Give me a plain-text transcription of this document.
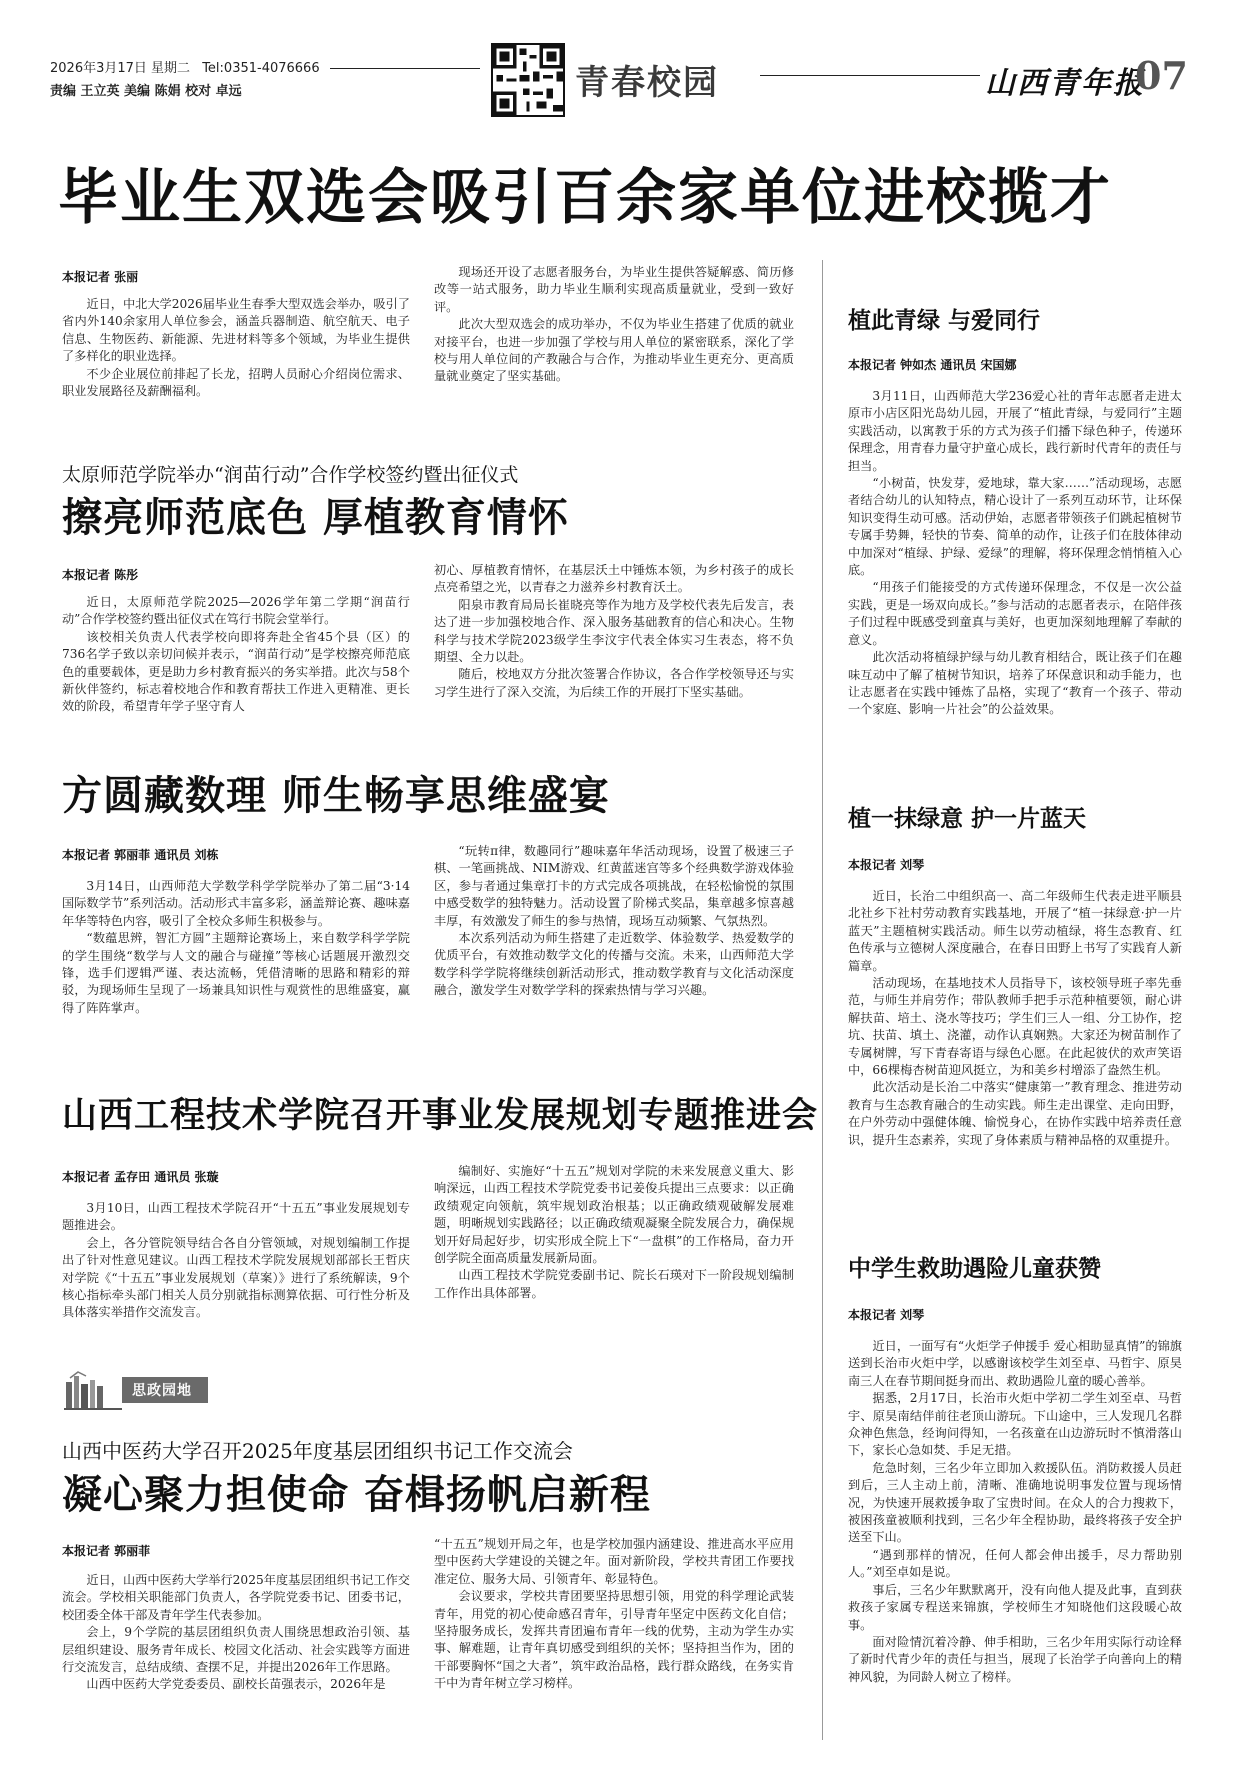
2026年3月17日 星期二 Tel:0351-4076666
责编 王立英 美编 陈娟 校对 卓远	青春校园	山西青年报
07
毕业生双选会吸引百余家单位进校揽才
本报记者 张丽

近日，中北大学2026届毕业生春季大型双选会举办，吸引了省内外140余家用人单位参会，涵盖兵器制造、航空航天、电子信息、生物医药、新能源、先进材料等多个领域，为毕业生提供了多样化的职业选择。

不少企业展位前排起了长龙，招聘人员耐心介绍岗位需求、职业发展路径及薪酬福利。

现场还开设了志愿者服务台，为毕业生提供答疑解惑、简历修改等一站式服务，助力毕业生顺利实现高质量就业，受到一致好评。

此次大型双选会的成功举办，不仅为毕业生搭建了优质的就业对接平台，也进一步加强了学校与用人单位的紧密联系，深化了学校与用人单位间的产教融合与合作，为推动毕业生更充分、更高质量就业奠定了坚实基础。

太原师范学院举办“润苗行动”合作学校签约暨出征仪式
擦亮师范底色 厚植教育情怀
本报记者 陈彤

近日，太原师范学院2025—2026学年第二学期“润苗行动”合作学校签约暨出征仪式在笃行书院会堂举行。

该校相关负责人代表学校向即将奔赴全省45个县（区）的736名学子致以亲切问候并表示，“润苗行动”是学校擦亮师范底色的重要载体，更是助力乡村教育振兴的务实举措。此次与58个新伙伴签约，标志着校地合作和教育帮扶工作进入更精准、更长效的阶段，希望青年学子坚守育人

初心、厚植教育情怀，在基层沃土中锤炼本领，为乡村孩子的成长点亮希望之光，以青春之力滋养乡村教育沃土。

阳泉市教育局局长崔晓亮等作为地方及学校代表先后发言，表达了进一步加强校地合作、深入服务基础教育的信心和决心。生物科学与技术学院2023级学生李汶宇代表全体实习生表态，将不负期望、全力以赴。

随后，校地双方分批次签署合作协议，各合作学校领导还与实习学生进行了深入交流，为后续工作的开展打下坚实基础。

方圆藏数理 师生畅享思维盛宴
本报记者 郭丽菲 通讯员 刘栋

3月14日，山西师范大学数学科学学院举办了第二届“3·14国际数学节”系列活动。活动形式丰富多彩，涵盖辩论赛、趣味嘉年华等特色内容，吸引了全校众多师生积极参与。

“数蕴思辨，智汇方圆”主题辩论赛场上，来自数学科学学院的学生围绕“数学与人文的融合与碰撞”等核心话题展开激烈交锋，选手们逻辑严谨、表达流畅，凭借清晰的思路和精彩的辩驳，为现场师生呈现了一场兼具知识性与观赏性的思维盛宴，赢得了阵阵掌声。

“玩转π律，数趣同行”趣味嘉年华活动现场，设置了极速三子棋、一笔画挑战、NIM游戏、红黄蓝迷宫等多个经典数学游戏体验区，参与者通过集章打卡的方式完成各项挑战，在轻松愉悦的氛围中感受数学的独特魅力。活动设置了阶梯式奖品，集章越多惊喜越丰厚，有效激发了师生的参与热情，现场互动频繁、气氛热烈。

本次系列活动为师生搭建了走近数学、体验数学、热爱数学的优质平台，有效推动数学文化的传播与交流。未来，山西师范大学数学科学学院将继续创新活动形式，推动数学教育与文化活动深度融合，激发学生对数学学科的探索热情与学习兴趣。

山西工程技术学院召开事业发展规划专题推进会
本报记者 孟存田 通讯员 张璇

3月10日，山西工程技术学院召开“十五五”事业发展规划专题推进会。

会上，各分管院领导结合各自分管领域，对规划编制工作提出了针对性意见建议。山西工程技术学院发展规划部部长王哲庆对学院《“十五五”事业发展规划（草案）》进行了系统解读，9个核心指标牵头部门相关人员分别就指标测算依据、可行性分析及具体落实举措作交流发言。

编制好、实施好“十五五”规划对学院的未来发展意义重大、影响深远，山西工程技术学院党委书记姜俊兵提出三点要求：以正确政绩观定向领航，筑牢规划政治根基；以正确政绩观破解发展难题，明晰规划实践路径；以正确政绩观凝聚全院发展合力，确保规划开好局起好步，切实形成全院上下“一盘棋”的工作格局，奋力开创学院全面高质量发展新局面。

山西工程技术学院党委副书记、院长石瑛对下一阶段规划编制工作作出具体部署。

思政园地
山西中医药大学召开2025年度基层团组织书记工作交流会
凝心聚力担使命 奋楫扬帆启新程
本报记者 郭丽菲

近日，山西中医药大学举行2025年度基层团组织书记工作交流会。学校相关职能部门负责人，各学院党委书记、团委书记，校团委全体干部及青年学生代表参加。

会上，9个学院的基层团组织负责人围绕思想政治引领、基层组织建设、服务青年成长、校园文化活动、社会实践等方面进行交流发言，总结成绩、查摆不足，并提出2026年工作思路。

山西中医药大学党委委员、副校长苗强表示，2026年是

“十五五”规划开局之年，也是学校加强内涵建设、推进高水平应用型中医药大学建设的关键之年。面对新阶段，学校共青团工作要找准定位、服务大局、引领青年、彰显特色。

会议要求，学校共青团要坚持思想引领，用党的科学理论武装青年，用党的初心使命感召青年，引导青年坚定中医药文化自信；坚持服务成长，发挥共青团遍布青年一线的优势，主动为学生办实事、解难题，让青年真切感受到组织的关怀；坚持担当作为，团的干部要胸怀“国之大者”，筑牢政治品格，践行群众路线，在务实肯干中为青年树立学习榜样。

植此青绿 与爱同行
本报记者 钟如杰 通讯员 宋国娜

3月11日，山西师范大学236爱心社的青年志愿者走进太原市小店区阳光岛幼儿园，开展了“植此青绿，与爱同行”主题实践活动，以寓教于乐的方式为孩子们播下绿色种子，传递环保理念，用青春力量守护童心成长，践行新时代青年的责任与担当。

“小树苗，快发芽，爱地球，靠大家……”活动现场，志愿者结合幼儿的认知特点，精心设计了一系列互动环节，让环保知识变得生动可感。活动伊始，志愿者带领孩子们跳起植树节专属手势舞，轻快的节奏、简单的动作，让孩子们在肢体律动中加深对“植绿、护绿、爱绿”的理解，将环保理念悄悄植入心底。

“用孩子们能接受的方式传递环保理念，不仅是一次公益实践，更是一场双向成长。”参与活动的志愿者表示，在陪伴孩子们过程中既感受到童真与美好，也更加深刻地理解了奉献的意义。

此次活动将植绿护绿与幼儿教育相结合，既让孩子们在趣味互动中了解了植树节知识，培养了环保意识和动手能力，也让志愿者在实践中锤炼了品格，实现了“教育一个孩子、带动一个家庭、影响一片社会”的公益效果。

植一抹绿意 护一片蓝天
本报记者 刘琴

近日，长治二中组织高一、高二年级师生代表走进平顺县北社乡下社村劳动教育实践基地，开展了“植一抹绿意·护一片蓝天”主题植树实践活动。师生以劳动植绿，将生态教育、红色传承与立德树人深度融合，在春日田野上书写了实践育人新篇章。

活动现场，在基地技术人员指导下，该校领导班子率先垂范，与师生并肩劳作；带队教师手把手示范种植要领，耐心讲解扶苗、培土、浇水等技巧；学生们三人一组、分工协作，挖坑、扶苗、填土、浇灌，动作认真娴熟。大家还为树苗制作了专属树牌，写下青春寄语与绿色心愿。在此起彼伏的欢声笑语中，66棵梅杏树苗迎风挺立，为和美乡村增添了盎然生机。

此次活动是长治二中落实“健康第一”教育理念、推进劳动教育与生态教育融合的生动实践。师生走出课堂、走向田野，在户外劳动中强健体魄、愉悦身心，在协作实践中培养责任意识，提升生态素养，实现了身体素质与精神品格的双重提升。

中学生救助遇险儿童获赞
本报记者 刘琴

近日，一面写有“火炬学子伸援手 爱心相助显真情”的锦旗送到长治市火炬中学，以感谢该校学生刘至卓、马哲宇、原昊南三人在春节期间挺身而出、救助遇险儿童的暖心善举。

据悉，2月17日，长治市火炬中学初二学生刘至卓、马哲宇、原昊南结伴前往老顶山游玩。下山途中，三人发现几名群众神色焦急，经询问得知，一名孩童在山边游玩时不慎滑落山下，家长心急如焚、手足无措。

危急时刻，三名少年立即加入救援队伍。消防救援人员赶到后，三人主动上前，清晰、准确地说明事发位置与现场情况，为快速开展救援争取了宝贵时间。在众人的合力搜救下，被困孩童被顺利找到，三名少年全程协助，最终将孩子安全护送至下山。

“遇到那样的情况，任何人都会伸出援手，尽力帮助别人。”刘至卓如是说。

事后，三名少年默默离开，没有向他人提及此事，直到获救孩子家属专程送来锦旗，学校师生才知晓他们这段暖心故事。

面对险情沉着冷静、伸手相助，三名少年用实际行动诠释了新时代青少年的责任与担当，展现了长治学子向善向上的精神风貌，为同龄人树立了榜样。
